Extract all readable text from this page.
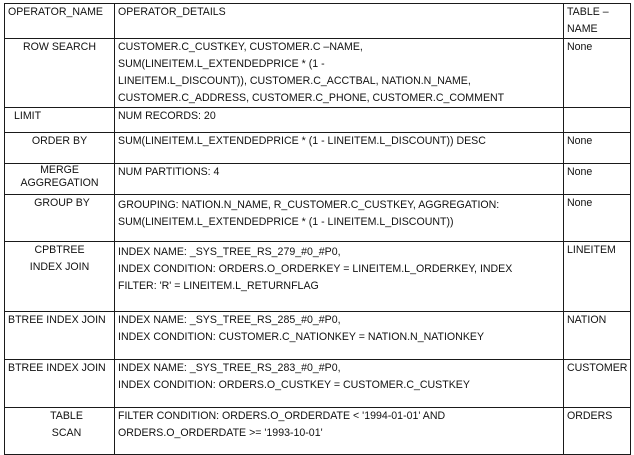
OPERATOR_NAME	OPERATOR_DETAILS	TABLE –
NAME

ROW SEARCH	CUSTOMER.C_CUSTKEY, CUSTOMER.C –NAME,
SUM(LINEITEM.L_EXTENDEDPRICE * (1 -
LINEITEM.L_DISCOUNT)), CUSTOMER.C_ACCTBAL, NATION.N_NAME,
CUSTOMER.C_ADDRESS, CUSTOMER.C_PHONE, CUSTOMER.C_COMMENT	None

LIMIT	NUM RECORDS: 20	

ORDER BY	SUM(LINEITEM.L_EXTENDEDPRICE * (1 - LINEITEM.L_DISCOUNT)) DESC	None

MERGE
AGGREGATION	NUM PARTITIONS: 4	None

GROUP BY	GROUPING: NATION.N_NAME, R_CUSTOMER.C_CUSTKEY, AGGREGATION:
SUM(LINEITEM.L_EXTENDEDPRICE * (1 - LINEITEM.L_DISCOUNT))	None

CPBTREE
INDEX JOIN	INDEX NAME: _SYS_TREE_RS_279_#0_#P0,
INDEX CONDITION: ORDERS.O_ORDERKEY = LINEITEM.L_ORDERKEY, INDEX
FILTER: 'R' = LINEITEM.L_RETURNFLAG	LINEITEM

BTREE INDEX JOIN	INDEX NAME: _SYS_TREE_RS_285_#0_#P0,
INDEX CONDITION: CUSTOMER.C_NATIONKEY = NATION.N_NATIONKEY	NATION

BTREE INDEX JOIN	INDEX NAME: _SYS_TREE_RS_283_#0_#P0,
INDEX CONDITION: ORDERS.O_CUSTKEY = CUSTOMER.C_CUSTKEY	CUSTOMER

TABLE
SCAN	FILTER CONDITION: ORDERS.O_ORDERDATE < '1994-01-01' AND
ORDERS.O_ORDERDATE >= '1993-10-01'	ORDERS
